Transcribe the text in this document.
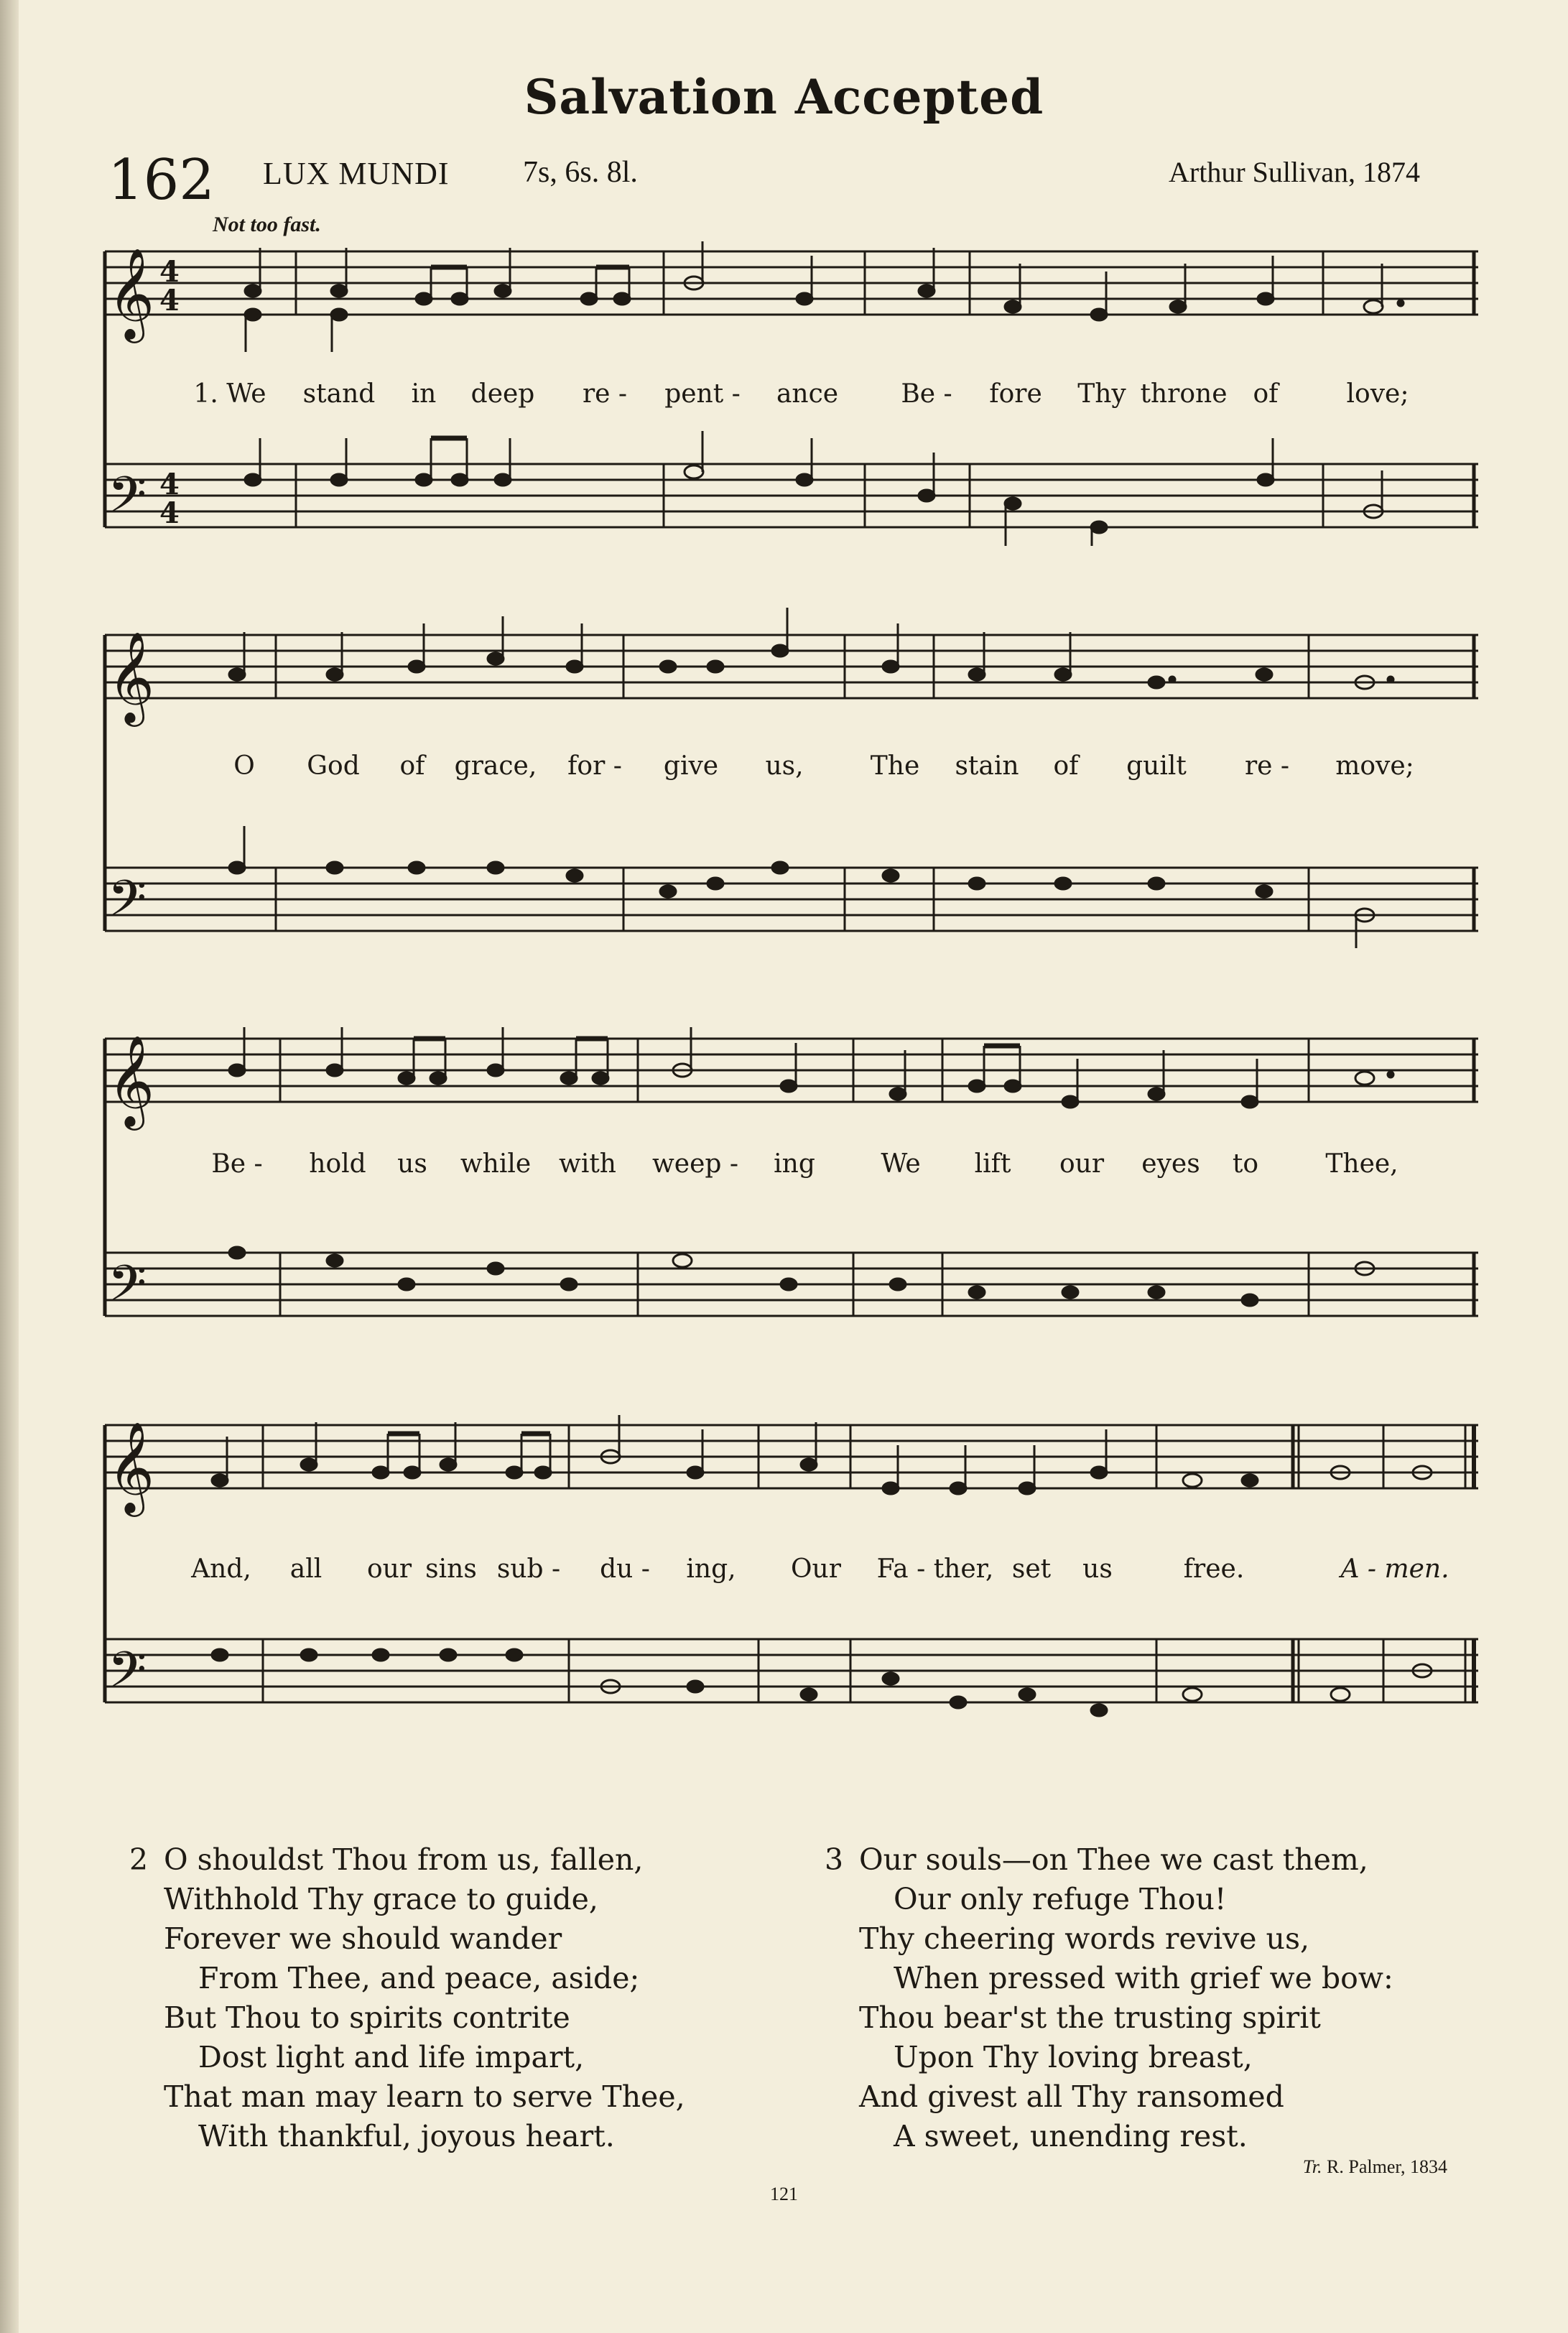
Salvation Accepted
162 LUX MUNDI 7s, 6s. 8l.	Arthur Sullivan, 1874
Not too fast.
𝄞
𝄢
4
4
4
4
1. We stand in deep re - pent - ance Be - fore Thy throne of	love;
𝄞
𝄢
O God of grace, for - give us,	The stain of guilt re - move;
𝄞
𝄢
Be - hold us while with weep - ing	We lift our eyes to	Thee,
𝄞
𝄢
And, all our sins sub - du - ing, Our Fa - ther, set us	free.	A - men.
2 O shouldst Thou from us, fallen,
Withhold Thy grace to guide,
Forever we should wander
From Thee, and peace, aside;
But Thou to spirits contrite
Dost light and life impart,
That man may learn to serve Thee,
With thankful, joyous heart.
3 Our souls—on Thee we cast them,
Our only refuge Thou!
Thy cheering words revive us,
When pressed with grief we bow:
Thou bear'st the trusting spirit
Upon Thy loving breast,
And givest all Thy ransomed
A sweet, unending rest.
Tr. R. Palmer, 1834
121
